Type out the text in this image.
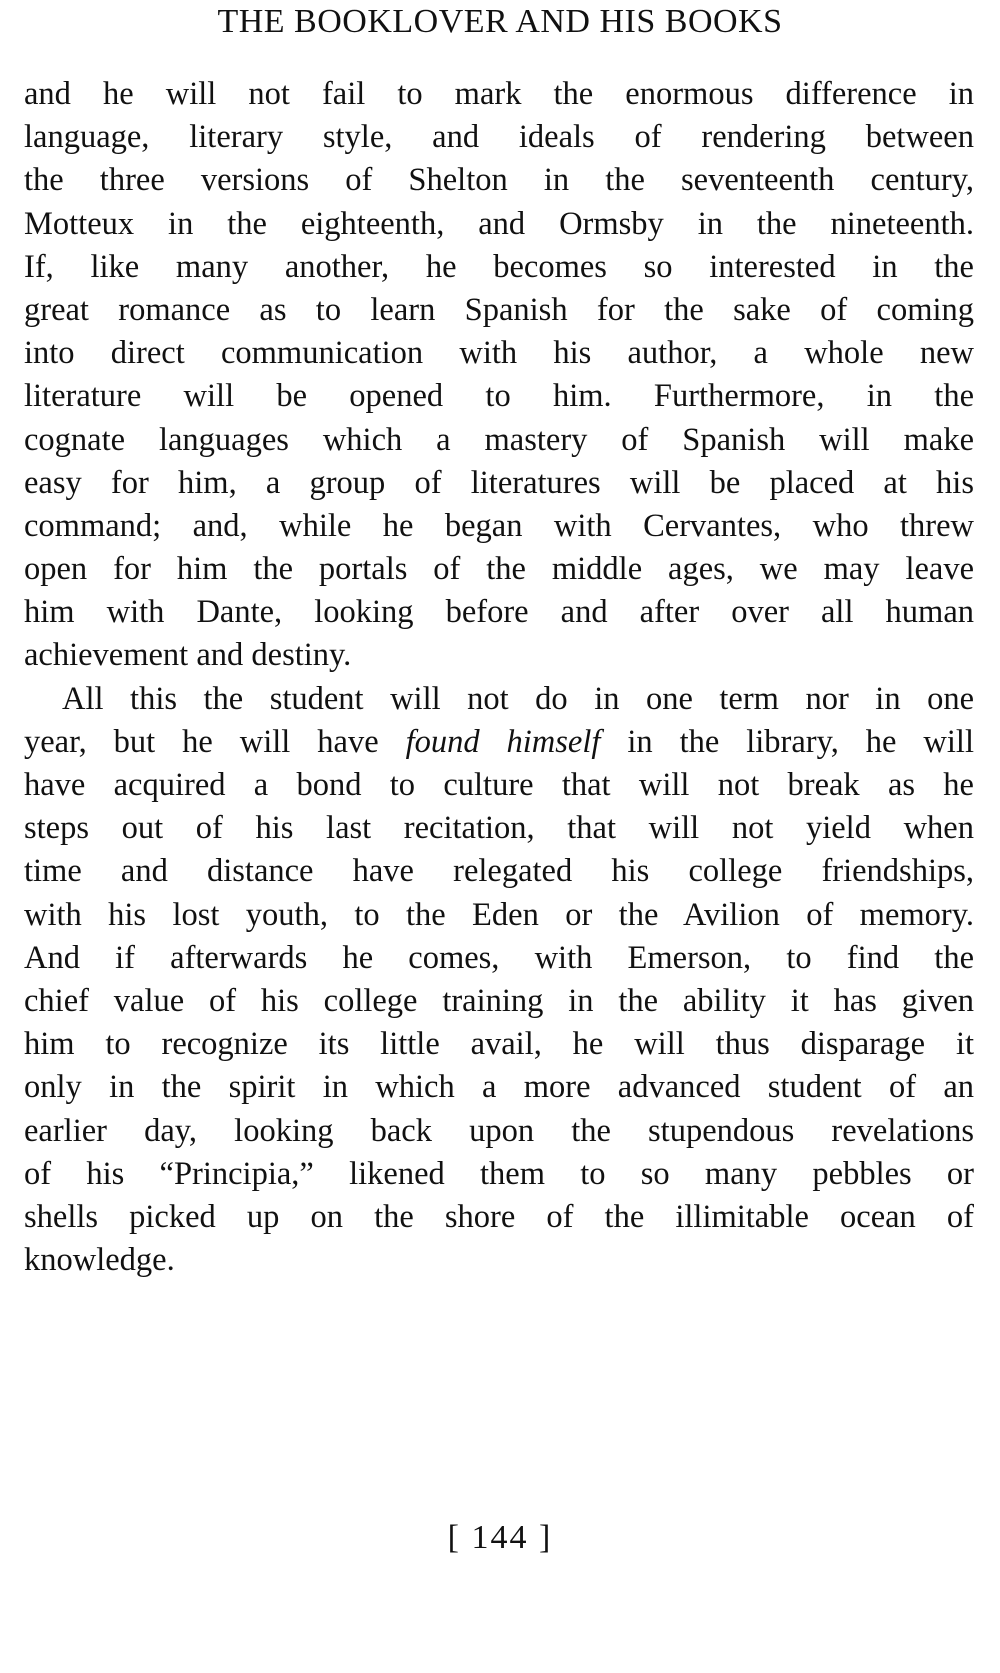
THE BOOKLOVER AND HIS BOOKS
and he will not fail to mark the enormous difference in
language, literary style, and ideals of rendering between
the three versions of Shelton in the seventeenth century,
Motteux in the eighteenth, and Ormsby in the nineteenth.
If, like many another, he becomes so interested in the
great romance as to learn Spanish for the sake of coming
into direct communication with his author, a whole new
literature will be opened to him. Furthermore, in the
cognate languages which a mastery of Spanish will make
easy for him, a group of literatures will be placed at his
command; and, while he began with Cervantes, who threw
open for him the portals of the middle ages, we may leave
him with Dante, looking before and after over all human
achievement and destiny.
All this the student will not do in one term nor in one
year, but he will have found himself in the library, he will
have acquired a bond to culture that will not break as he
steps out of his last recitation, that will not yield when
time and distance have relegated his college friendships,
with his lost youth, to the Eden or the Avilion of memory.
And if afterwards he comes, with Emerson, to find the
chief value of his college training in the ability it has given
him to recognize its little avail, he will thus disparage it
only in the spirit in which a more advanced student of an
earlier day, looking back upon the stupendous revelations
of his “Principia,” likened them to so many pebbles or
shells picked up on the shore of the illimitable ocean of
knowledge.
[ 144 ]
